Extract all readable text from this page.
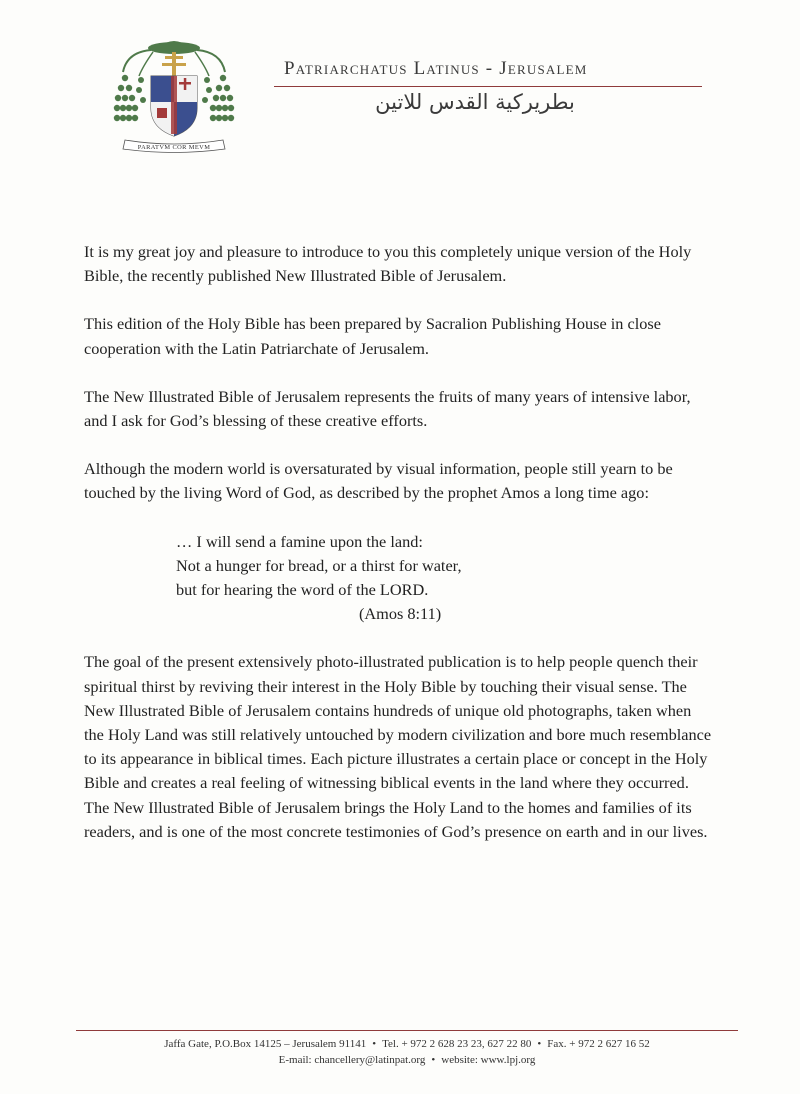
PARATVM COR MEVM
Patriarchatus Latinus - Jerusalem
بطريركية القدس للاتين

It is my great joy and pleasure to introduce to you this completely unique version of the Holy Bible, the recently published New Illustrated Bible of Jerusalem.

This edition of the Holy Bible has been prepared by Sacralion Publishing House in close cooperation with the Latin Patriarchate of Jerusalem.

The New Illustrated Bible of Jerusalem represents the fruits of many years of intensive labor, and I ask for God’s blessing of these creative efforts.

Although the modern world is oversaturated by visual information, people still yearn to be touched by the living Word of God, as described by the prophet Amos a long time ago:

… I will send a famine upon the land:
Not a hunger for bread, or a thirst for water,
but for hearing the word of the LORD.
(Amos 8:11)

The goal of the present extensively photo-illustrated publication is to help people quench their spiritual thirst by reviving their interest in the Holy Bible by touching their visual sense. The New Illustrated Bible of Jerusalem contains hundreds of unique old photographs, taken when the Holy Land was still relatively untouched by modern civilization and bore much resemblance to its appearance in biblical times. Each picture illustrates a certain place or concept in the Holy Bible and creates a real feeling of witnessing biblical events in the land where they occurred. The New Illustrated Bible of Jerusalem brings the Holy Land to the homes and families of its readers, and is one of the most concrete testimonies of God’s presence on earth and in our lives.

Jaffa Gate, P.O.Box 14125 – Jerusalem 91141 • Tel. + 972 2 628 23 23, 627 22 80 • Fax. + 972 2 627 16 52
E-mail: chancellery@latinpat.org • website: www.lpj.org
